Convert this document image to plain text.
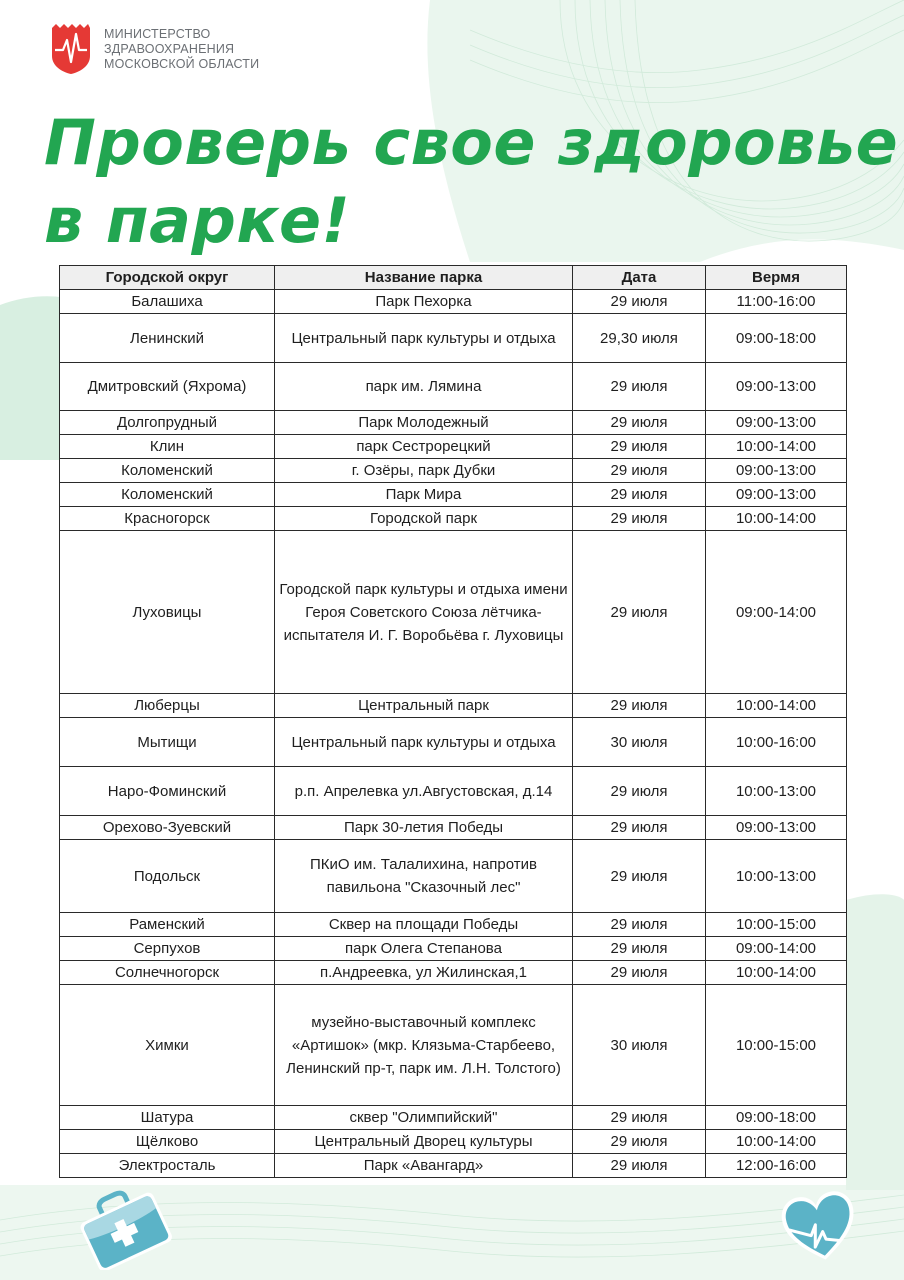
МИНИСТЕРСТВО
ЗДРАВООХРАНЕНИЯ
МОСКОВСКОЙ ОБЛАСТИ
Проверь свое здоровье
в парке!
Городской округ	Название парка	Дата	Вермя
Балашиха	Парк Пехорка	29 июля	11:00-16:00
Ленинский	Центральный парк культуры и отдыха	29,30 июля	09:00-18:00
Дмитровский (Яхрома)	парк им. Лямина	29 июля	09:00-13:00
Долгопрудный	Парк Молодежный	29 июля	09:00-13:00
Клин	парк Сестрорецкий	29 июля	10:00-14:00
Коломенский	г. Озёры, парк Дубки	29 июля	09:00-13:00
Коломенский	Парк Мира	29 июля	09:00-13:00
Красногорск	Городской парк	29 июля	10:00-14:00
Луховицы	Городской парк культуры и отдыха имени Героя Советского Союза лётчика-испытателя И. Г. Воробьёва г. Луховицы	29 июля	09:00-14:00
Люберцы	Центральный парк	29 июля	10:00-14:00
Мытищи	Центральный парк культуры и отдыха	30 июля	10:00-16:00
Наро-Фоминский	р.п. Апрелевка ул.Августовская, д.14	29 июля	10:00-13:00
Орехово-Зуевский	Парк 30-летия Победы	29 июля	09:00-13:00
Подольск	ПКиО им. Талалихина, напротив павильона "Сказочный лес"	29 июля	10:00-13:00
Раменский	Сквер на площади Победы	29 июля	10:00-15:00
Серпухов	парк Олега Степанова	29 июля	09:00-14:00
Солнечногорск	п.Андреевка, ул Жилинская,1	29 июля	10:00-14:00
Химки	музейно-выставочный комплекс «Артишок» (мкр. Клязьма-Старбеево, Ленинский пр-т, парк им. Л.Н. Толстого)	30 июля	10:00-15:00
Шатура	сквер "Олимпийский"	29 июля	09:00-18:00
Щёлково	Центральный Дворец культуры	29 июля	10:00-14:00
Электросталь	Парк «Авангард»	29 июля	12:00-16:00
